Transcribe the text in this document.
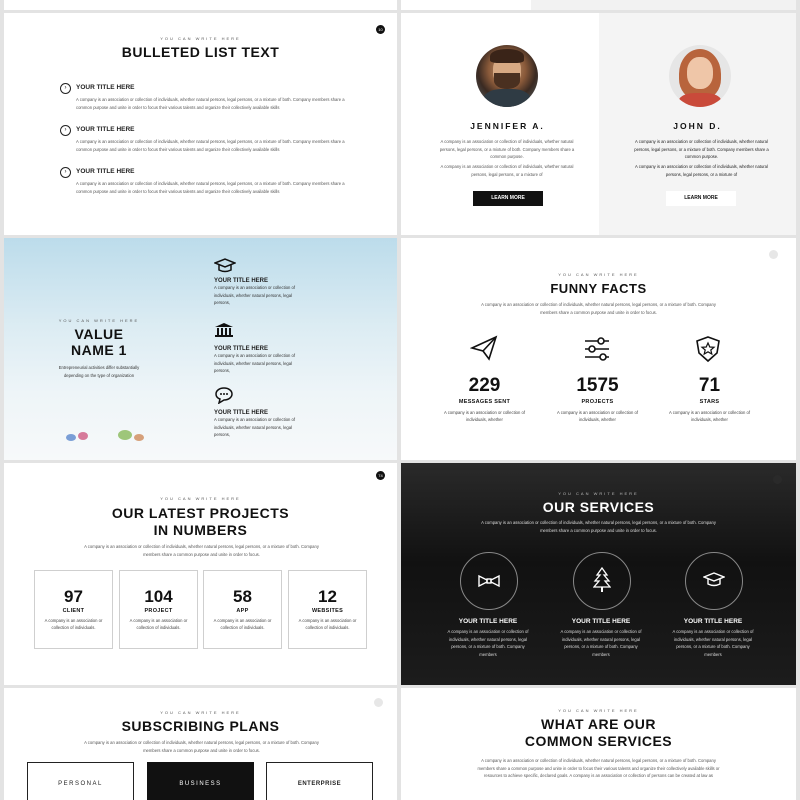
10
YOU CAN WRITE HERE
BULLETED LIST TEXT
›	YOUR TITLE HERE
A company is an association or collection of individuals, whether natural persons, legal persons, or a mixture of both. Company members share a common purpose and unite in order to focus their various talents and organize their collectively available skills
›	YOUR TITLE HERE
A company is an association or collection of individuals, whether natural persons, legal persons, or a mixture of both. Company members share a common purpose and unite in order to focus their various talents and organize their collectively available skills
›	YOUR TITLE HERE
A company is an association or collection of individuals, whether natural persons, legal persons, or a mixture of both. Company members share a common purpose and unite in order to focus their various talents and organize their collectively available skills
JENNIFER A.
A company is an association or collection of individuals, whether natural persons, legal persons, or a mixture of both. Company members share a common purpose.
A company is an association or collection of individuals, whether natural persons, legal persons, or a mixture of
LEARN MORE
JOHN D.
A company is an association or collection of individuals, whether natural persons, legal persons, or a mixture of both. Company members share a common purpose.
A company is an association or collection of individuals, whether natural persons, legal persons, or a mixture of
LEARN MORE
YOU CAN WRITE HERE
VALUE
NAME 1
Entrepreneurial activities differ substantially depending on the type of organization
YOUR TITLE HERE
A company is an association or collection of individuals, whether natural persons, legal persons,
YOUR TITLE HERE
A company is an association or collection of individuals, whether natural persons, legal persons,
YOUR TITLE HERE
A company is an association or collection of individuals, whether natural persons, legal persons,
YOU CAN WRITE HERE
FUNNY FACTS
A company is an association or collection of individuals, whether natural persons, legal persons, or a mixture of both. Company members share a common purpose and unite in order to focus.
229
MESSAGES SENT
A company is an association or collection of individuals, whether
1575
PROJECTS
A company is an association or collection of individuals, whether
71
STARS
A company is an association or collection of individuals, whether
74
YOU CAN WRITE HERE
OUR LATEST PROJECTS
IN NUMBERS
A company is an association or collection of individuals, whether natural persons, legal persons, or a mixture of both. Company members share a common purpose and unite in order to focus.
97
CLIENT
A company is an association or collection of individuals.
104
PROJECT
A company is an association or collection of individuals.
58
APP
A company is an association or collection of individuals.
12
WEBSITES
A company is an association or collection of individuals.
YOU CAN WRITE HERE
OUR SERVICES
A company is an association or collection of individuals, whether natural persons, legal persons, or a mixture of both. Company members share a common purpose and unite in order to focus.
YOUR TITLE HERE
A company is an association or collection of individuals, whether natural persons, legal persons, or a mixture of both. Company members
YOUR TITLE HERE
A company is an association or collection of individuals, whether natural persons, legal persons, or a mixture of both. Company members
YOUR TITLE HERE
A company is an association or collection of individuals, whether natural persons, legal persons, or a mixture of both. Company members
YOU CAN WRITE HERE
SUBSCRIBING PLANS
A company is an association or collection of individuals, whether natural persons, legal persons, or a mixture of both. Company members share a common purpose and unite in order to focus.
PERSONAL	BUSINESS	ENTERPRISE
YOU CAN WRITE HERE
WHAT ARE OUR
COMMON SERVICES
A company is an association or collection of individuals, whether natural persons, legal persons, or a mixture of both. Company members share a common purpose and unite in order to focus their various talents and organize their collectively available skills or resources to achieve specific, declared goals. A company is an association or collection of persons can be created at law as
